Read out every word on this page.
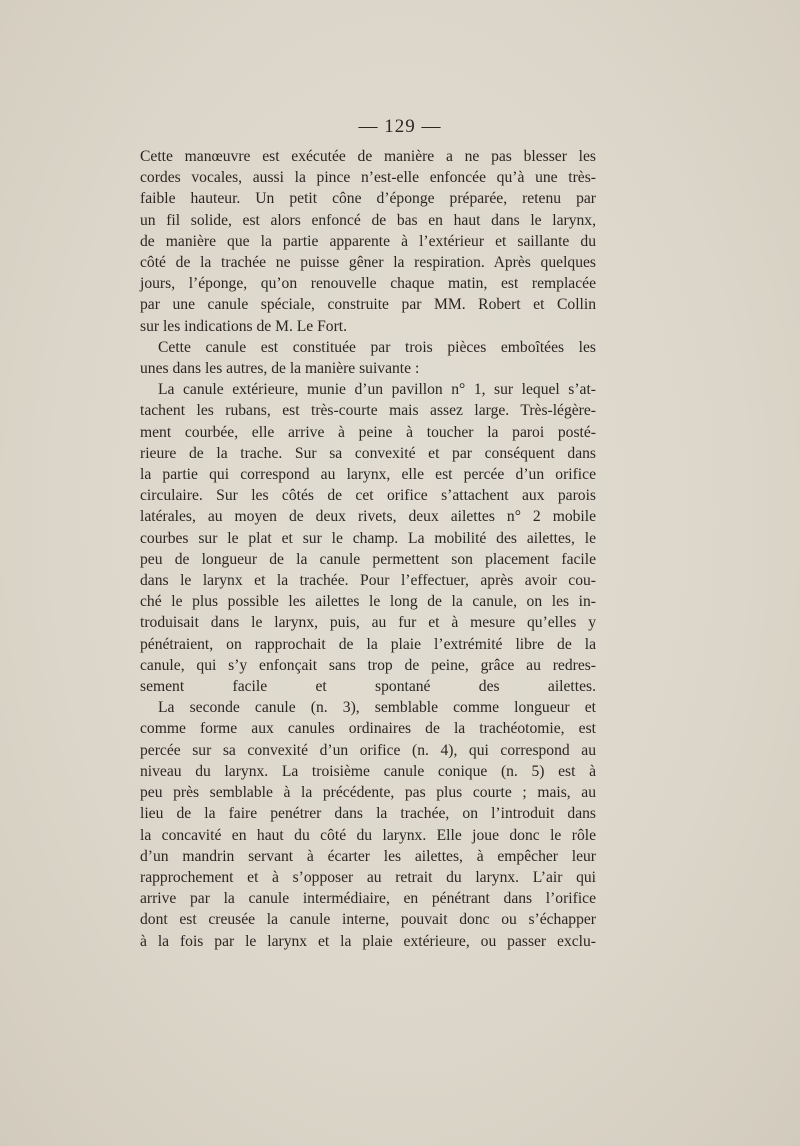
— 129 —
Cette manœuvre est exécutée de manière a ne pas blesser les
cordes vocales, aussi la pince n’est-elle enfoncée qu’à une très-
faible hauteur. Un petit cône d’éponge préparée, retenu par
un fil solide, est alors enfoncé de bas en haut dans le larynx,
de manière que la partie apparente à l’extérieur et saillante du
côté de la trachée ne puisse gêner la respiration. Après quelques
jours, l’éponge, qu’on renouvelle chaque matin, est remplacée
par une canule spéciale, construite par MM. Robert et Collin
sur les indications de M. Le Fort.
Cette canule est constituée par trois pièces emboîtées les
unes dans les autres, de la manière suivante :
La canule extérieure, munie d’un pavillon n° 1, sur lequel s’at-
tachent les rubans, est très-courte mais assez large. Très-légère-
ment courbée, elle arrive à peine à toucher la paroi posté-
rieure de la trache. Sur sa convexité et par conséquent dans
la partie qui correspond au larynx, elle est percée d’un orifice
circulaire. Sur les côtés de cet orifice s’attachent aux parois
latérales, au moyen de deux rivets, deux ailettes n° 2 mobile
courbes sur le plat et sur le champ. La mobilité des ailettes, le
peu de longueur de la canule permettent son placement facile
dans le larynx et la trachée. Pour l’effectuer, après avoir cou-
ché le plus possible les ailettes le long de la canule, on les in-
troduisait dans le larynx, puis, au fur et à mesure qu’elles y
pénétraient, on rapprochait de la plaie l’extrémité libre de la
canule, qui s’y enfonçait sans trop de peine, grâce au redres-
sement facile et spontané des ailettes.
La seconde canule (n. 3), semblable comme longueur et
comme forme aux canules ordinaires de la trachéotomie, est
percée sur sa convexité d’un orifice (n. 4), qui correspond au
niveau du larynx. La troisième canule conique (n. 5) est à
peu près semblable à la précédente, pas plus courte ; mais, au
lieu de la faire penétrer dans la trachée, on l’introduit dans
la concavité en haut du côté du larynx. Elle joue donc le rôle
d’un mandrin servant à écarter les ailettes, à empêcher leur
rapprochement et à s’opposer au retrait du larynx. L’air qui
arrive par la canule intermédiaire, en pénétrant dans l’orifice
dont est creusée la canule interne, pouvait donc ou s’échapper
à la fois par le larynx et la plaie extérieure, ou passer exclu-
